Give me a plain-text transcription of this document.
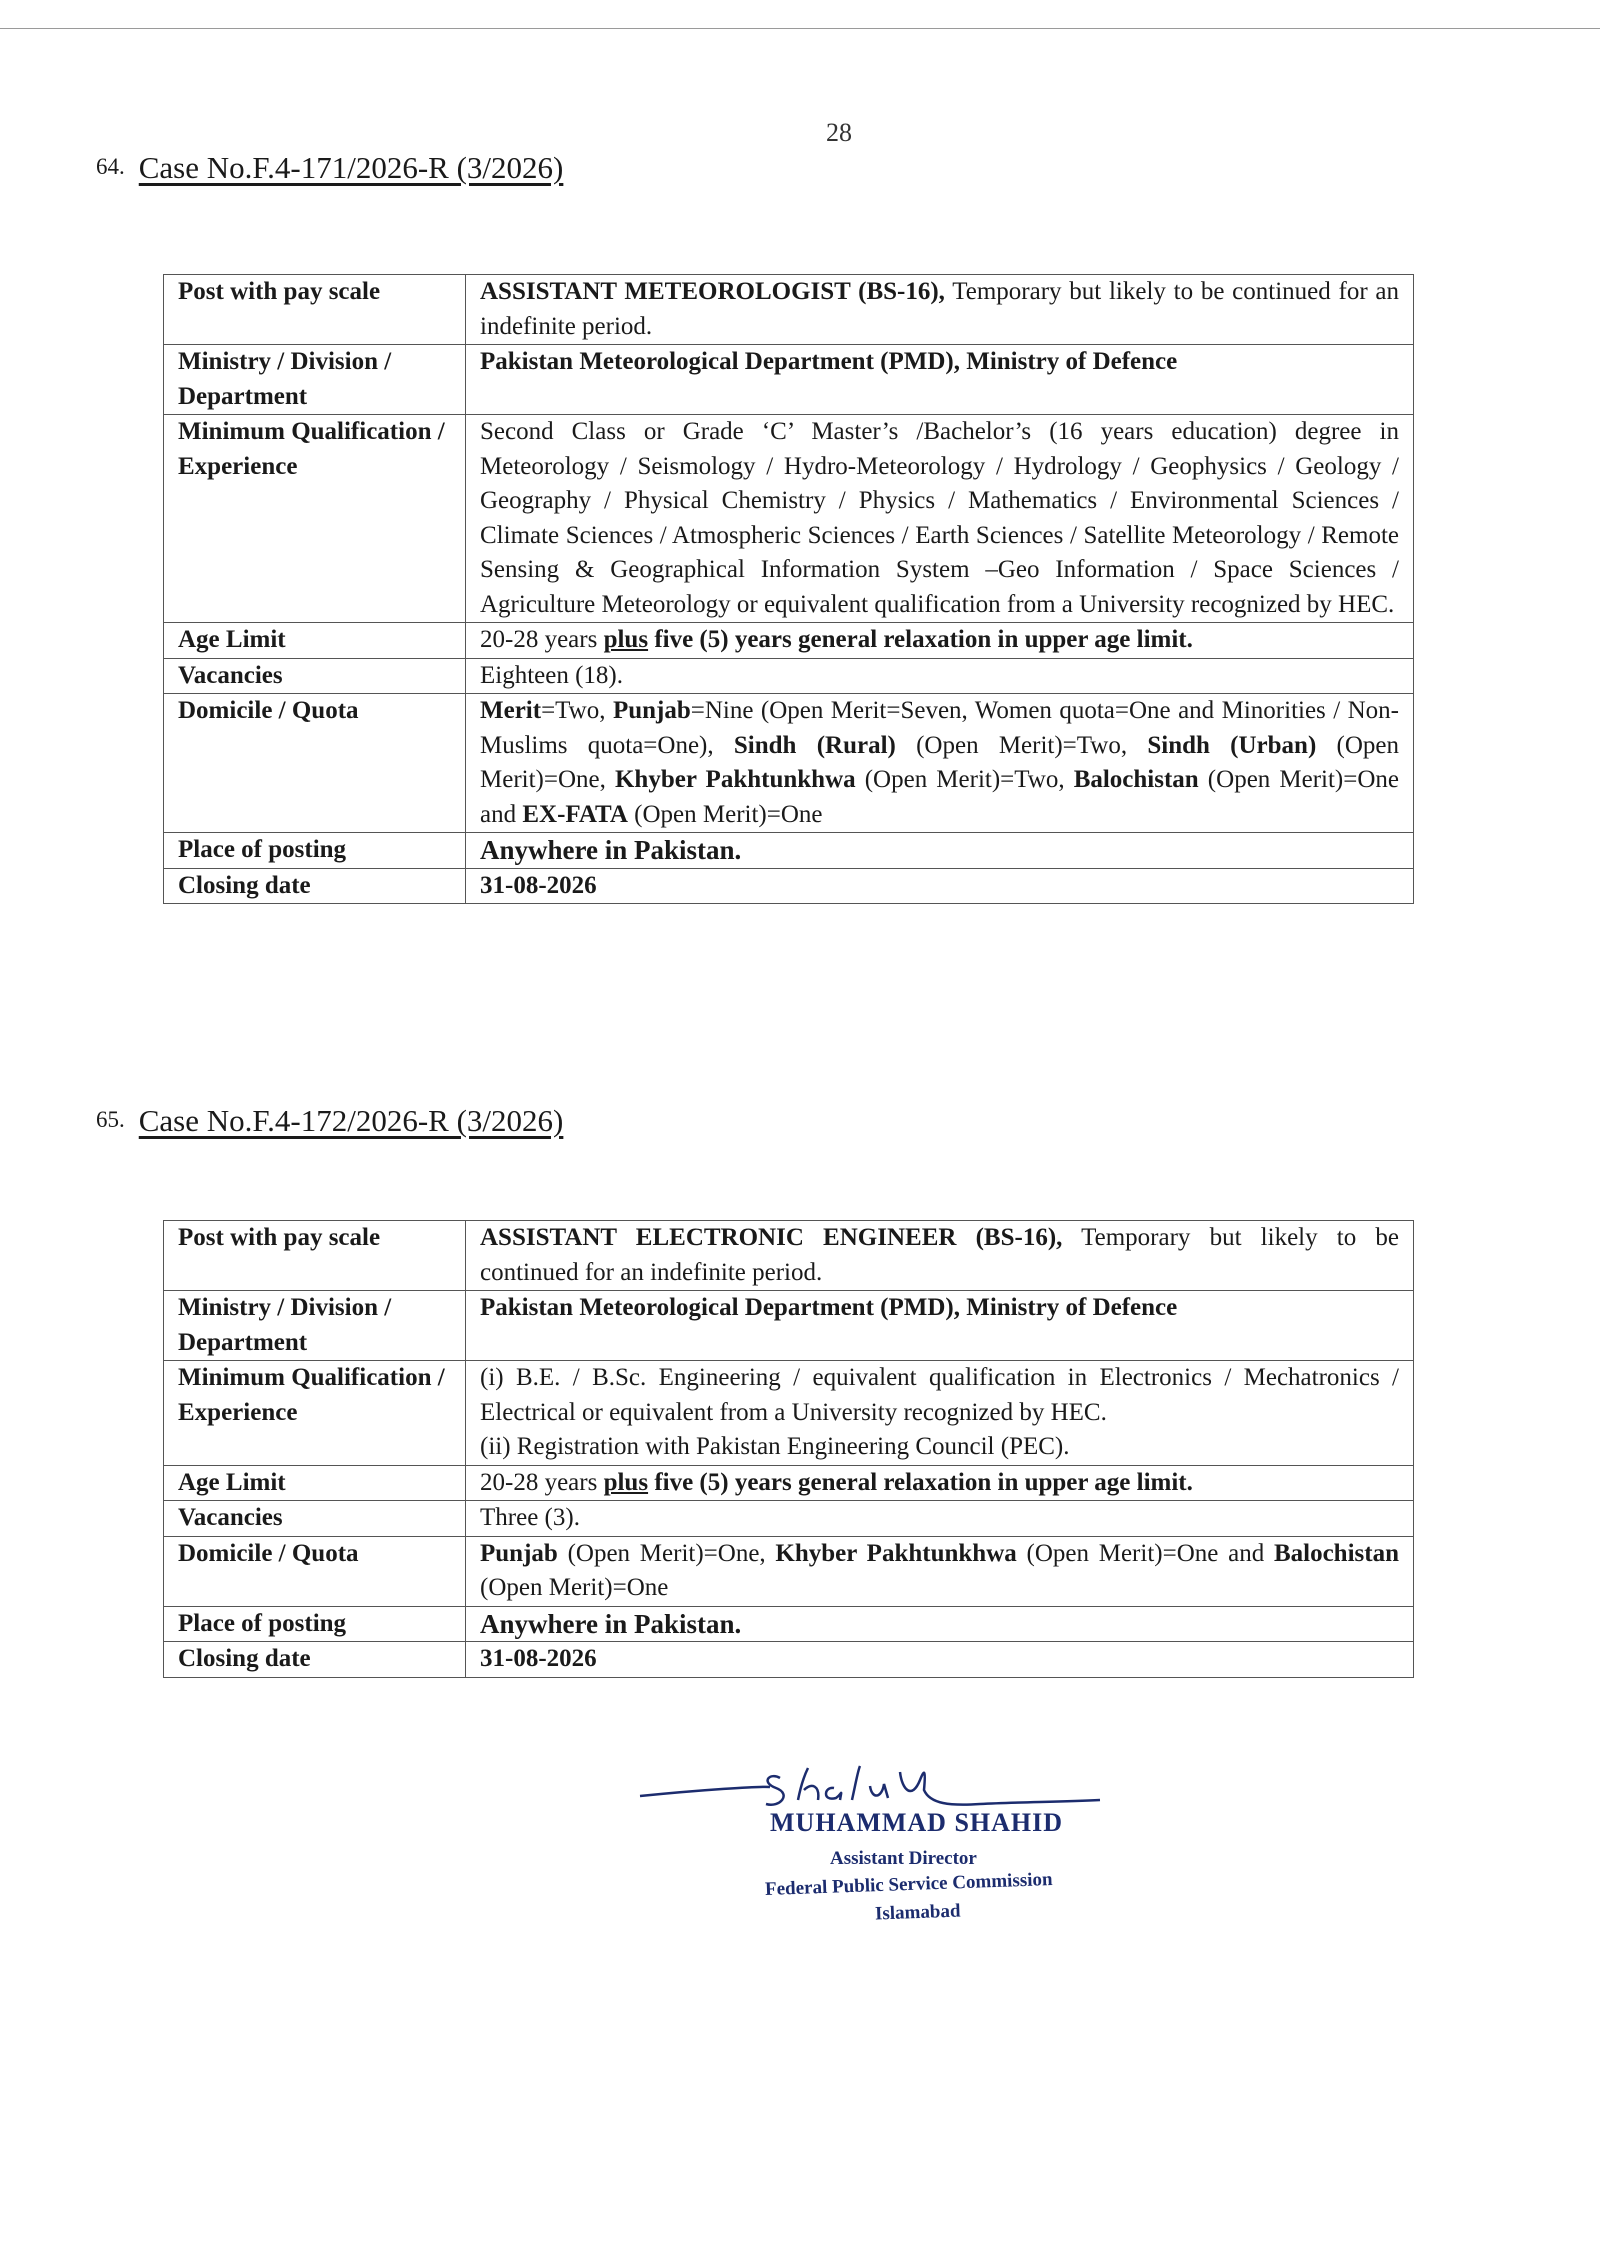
28
64. Case No.F.4-171/2026-R (3/2026)
Post with pay scale	ASSISTANT METEOROLOGIST (BS-16), Temporary but likely to be continued for an indefinite period.
Ministry / Division / Department	Pakistan Meteorological Department (PMD), Ministry of Defence
Minimum Qualification / Experience	Second Class or Grade ‘C’ Master’s /Bachelor’s (16 years education) degree in Meteorology / Seismology / Hydro-Meteorology / Hydrology / Geophysics / Geology / Geography / Physical Chemistry / Physics / Mathematics / Environmental Sciences / Climate Sciences / Atmospheric Sciences / Earth Sciences / Satellite Meteorology / Remote Sensing & Geographical Information System –Geo Information / Space Sciences / Agriculture Meteorology or equivalent qualification from a University recognized by HEC.
Age Limit	20-28 years plus five (5) years general relaxation in upper age limit.
Vacancies	Eighteen (18).
Domicile / Quota	Merit=Two, Punjab=Nine (Open Merit=Seven, Women quota=One and Minorities / Non-Muslims quota=One), Sindh (Rural) (Open Merit)=Two, Sindh (Urban) (Open Merit)=One, Khyber Pakhtunkhwa (Open Merit)=Two, Balochistan (Open Merit)=One and EX-FATA (Open Merit)=One
Place of posting	Anywhere in Pakistan.
Closing date	31-08-2026
65. Case No.F.4-172/2026-R (3/2026)
Post with pay scale	ASSISTANT ELECTRONIC ENGINEER (BS-16), Temporary but likely to be continued for an indefinite period.
Ministry / Division / Department	Pakistan Meteorological Department (PMD), Ministry of Defence
Minimum Qualification / Experience	(i) B.E. / B.Sc. Engineering / equivalent qualification in Electronics / Mechatronics / Electrical or equivalent from a University recognized by HEC.
(ii) Registration with Pakistan Engineering Council (PEC).

Age Limit	20-28 years plus five (5) years general relaxation in upper age limit.
Vacancies	Three (3).
Domicile / Quota	Punjab (Open Merit)=One, Khyber Pakhtunkhwa (Open Merit)=One and Balochistan (Open Merit)=One
Place of posting	Anywhere in Pakistan.
Closing date	31-08-2026
MUHAMMAD SHAHID
Assistant Director
Federal Public Service Commission
Islamabad
